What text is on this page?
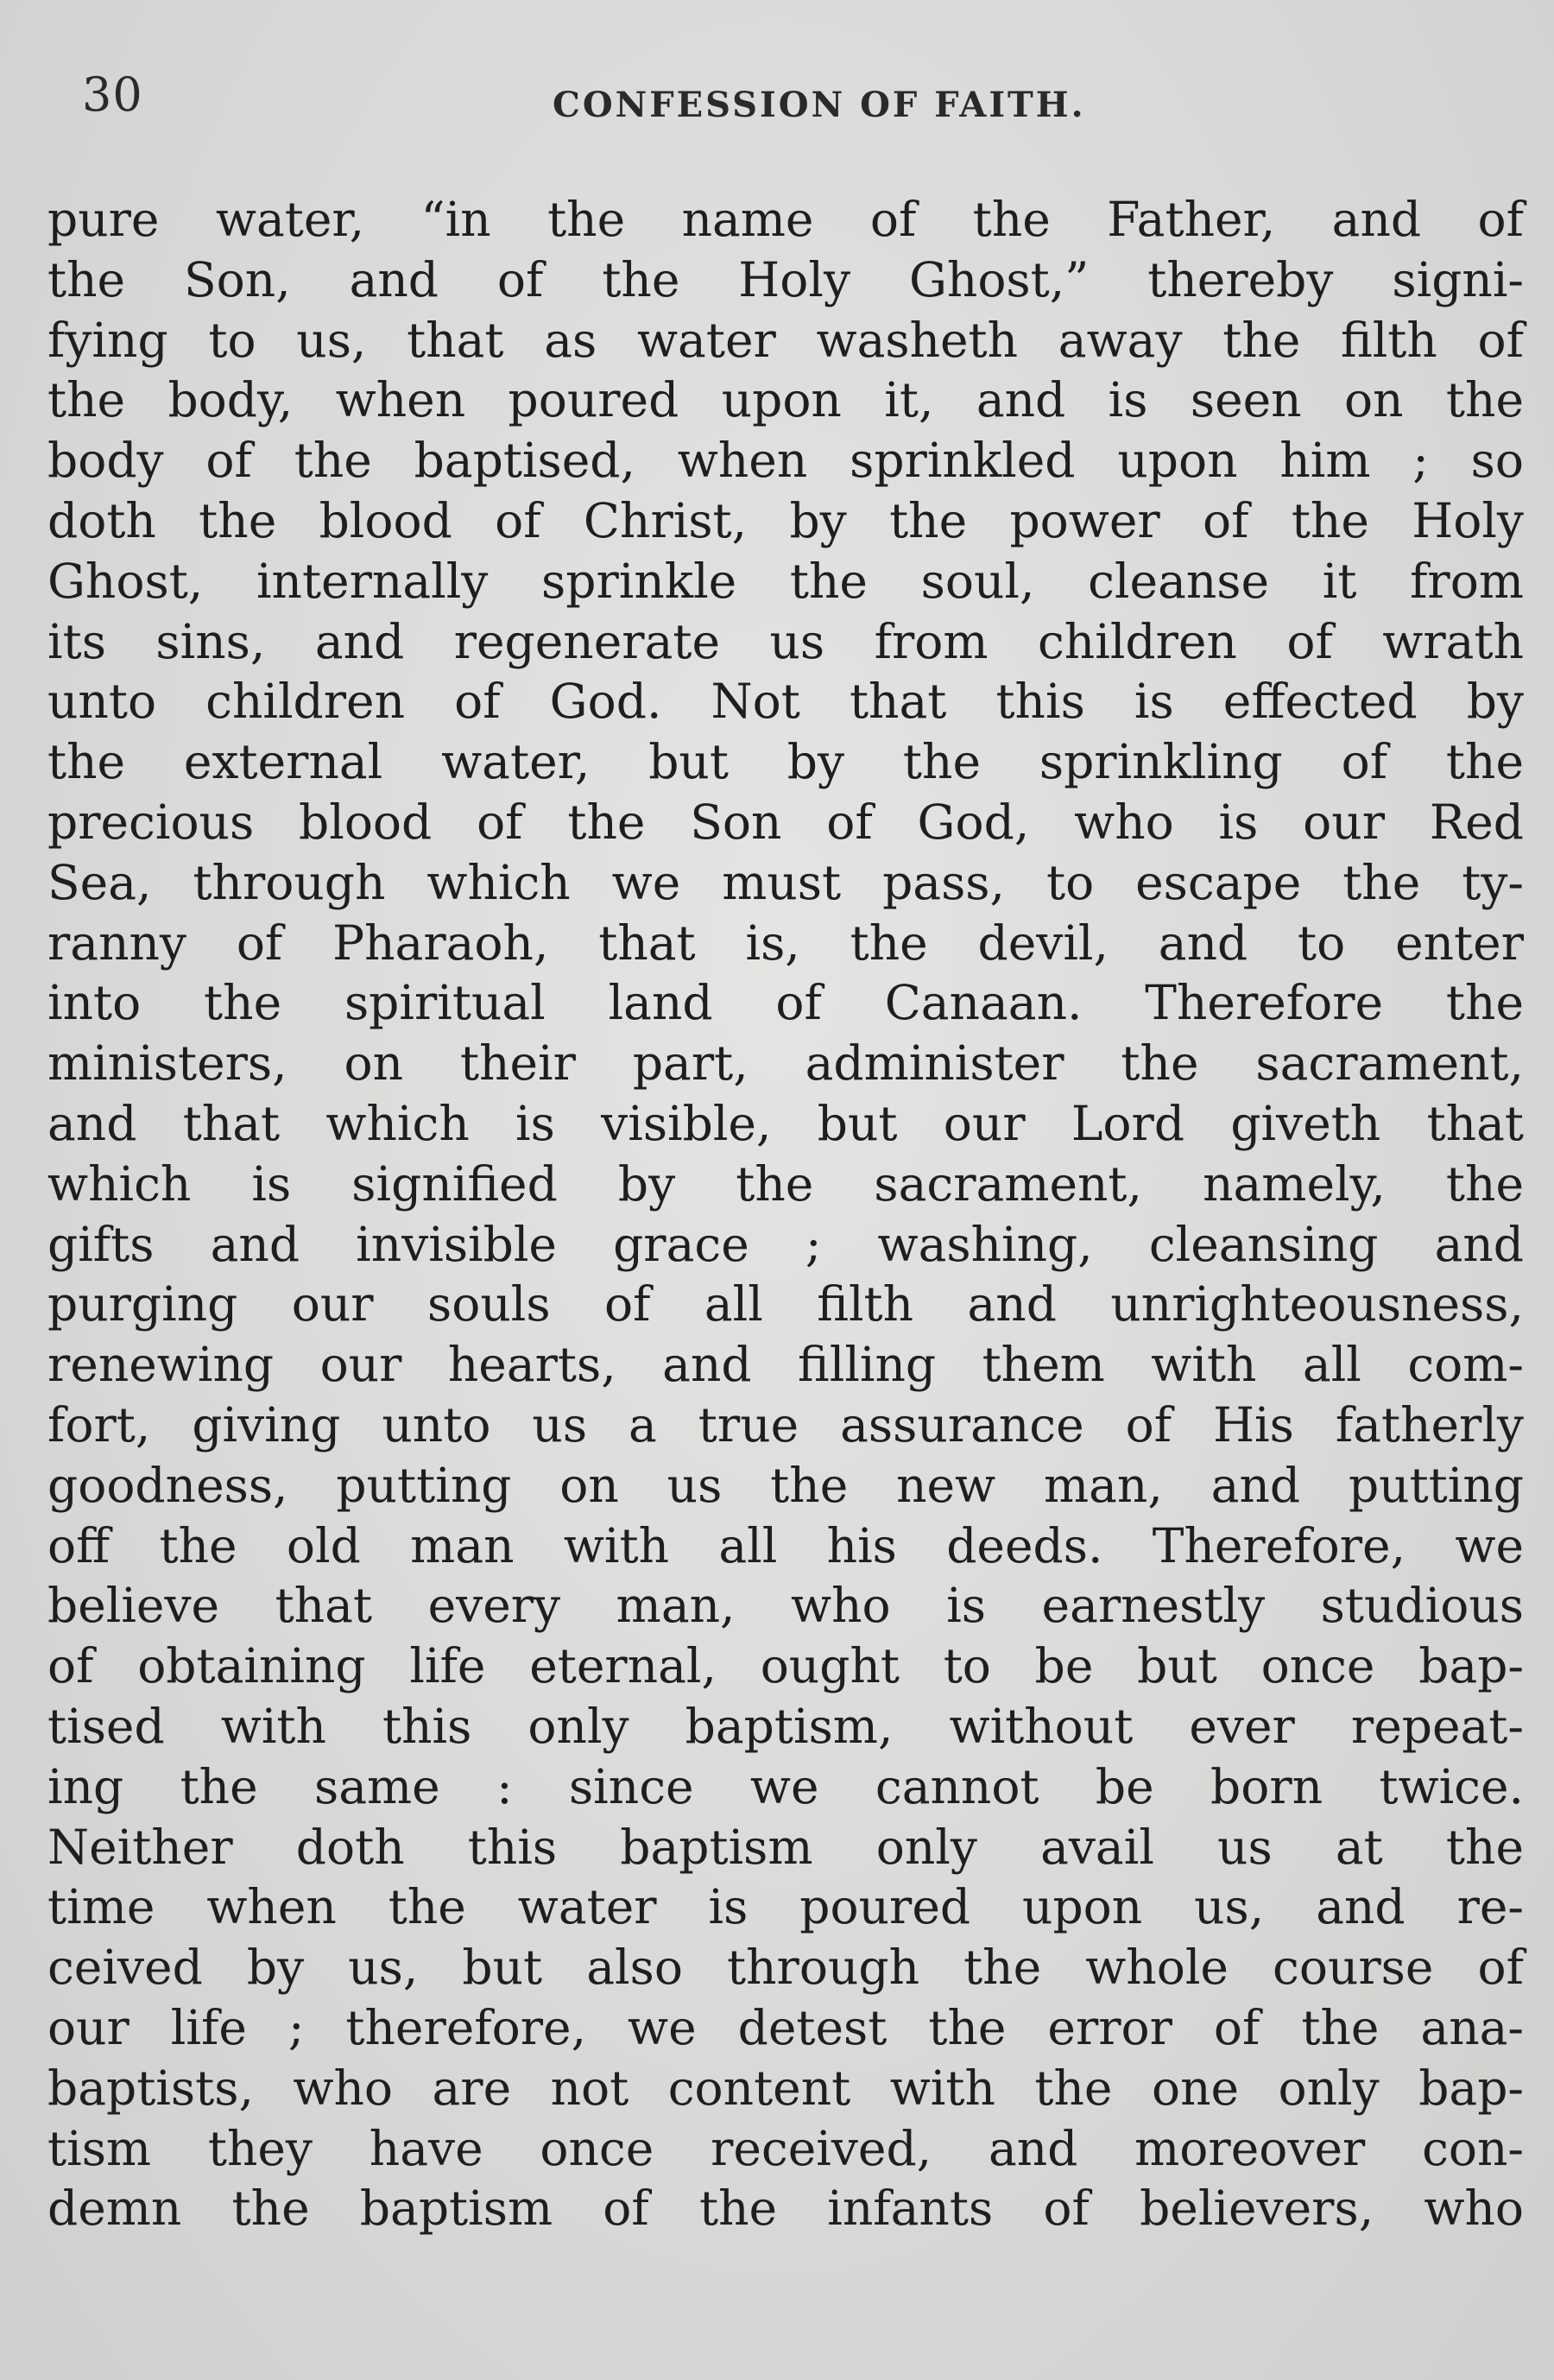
30	CONFESSION OF FAITH.
pure water, “in the name of the Father, and of
the Son, and of the Holy Ghost,” thereby signi-
fying to us, that as water washeth away the filth of
the body, when poured upon it, and is seen on the
body of the baptised, when sprinkled upon him ; so
doth the blood of Christ, by the power of the Holy
Ghost, internally sprinkle the soul, cleanse it from
its sins, and regenerate us from children of wrath
unto children of God. Not that this is effected by
the external water, but by the sprinkling of the
precious blood of the Son of God, who is our Red
Sea, through which we must pass, to escape the ty-
ranny of Pharaoh, that is, the devil, and to enter
into the spiritual land of Canaan. Therefore the
ministers, on their part, administer the sacrament,
and that which is visible, but our Lord giveth that
which is signified by the sacrament, namely, the
gifts and invisible grace ; washing, cleansing and
purging our souls of all filth and unrighteousness,
renewing our hearts, and filling them with all com-
fort, giving unto us a true assurance of His fatherly
goodness, putting on us the new man, and putting
off the old man with all his deeds. Therefore, we
believe that every man, who is earnestly studious
of obtaining life eternal, ought to be but once bap-
tised with this only baptism, without ever repeat-
ing the same : since we cannot be born twice.
Neither doth this baptism only avail us at the
time when the water is poured upon us, and re-
ceived by us, but also through the whole course of
our life ; therefore, we detest the error of the ana-
baptists, who are not content with the one only bap-
tism they have once received, and moreover con-
demn the baptism of the infants of believers, who
